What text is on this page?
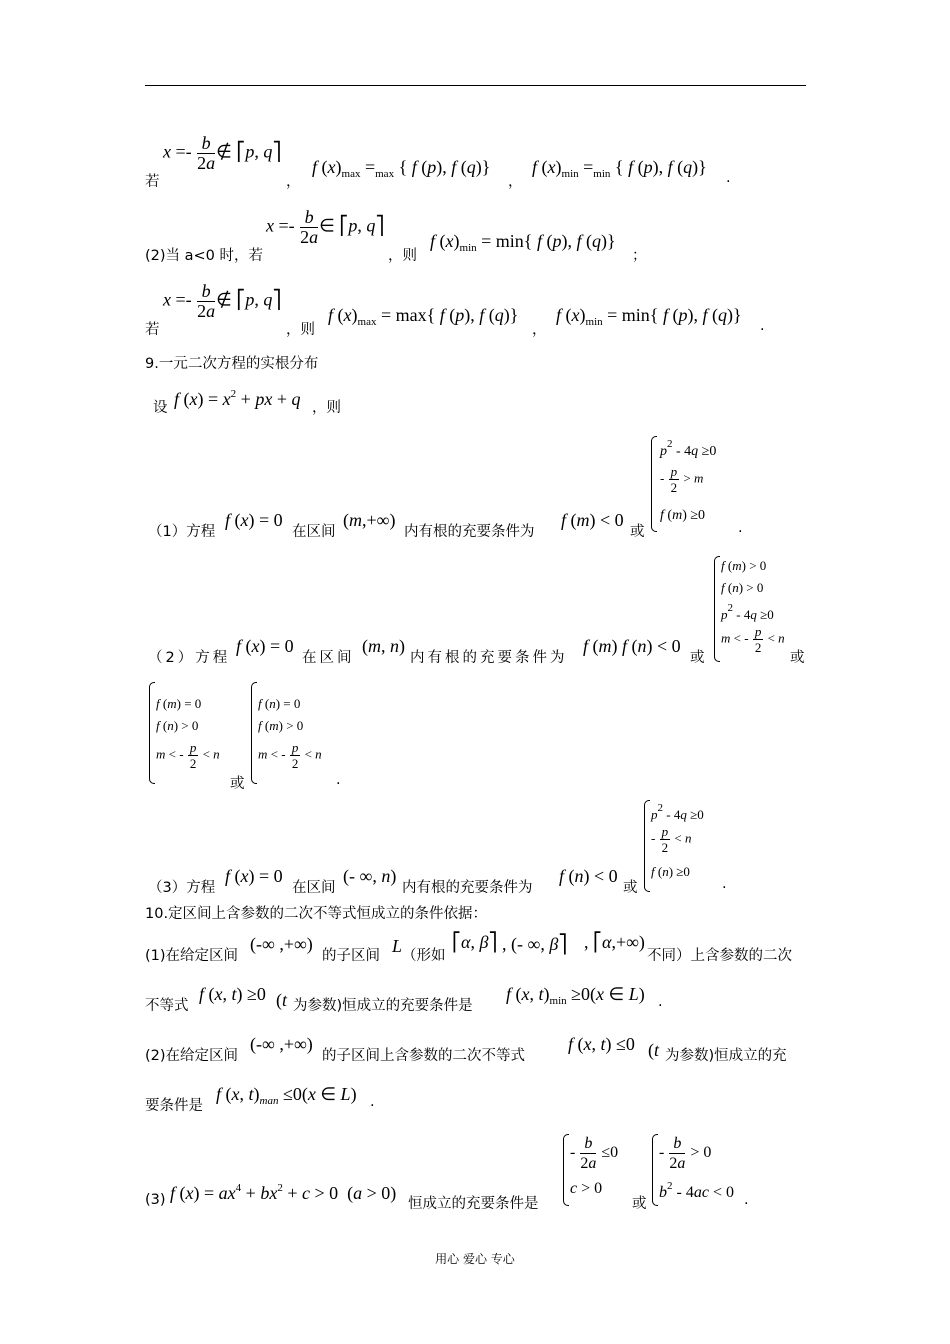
若
$x =- \frac{b}{2a}$ ∉ ⎡p, q⎤
，
f $(x)_{max} =_{max}$ { f (p), f (q)}
，
f $(x)_{min} =_{min}$ { f (p), f (q)}
.
(2)当 a<0 时，若
$x =- \frac{b}{2a}$ ∈ ⎡p, q⎤
，则
f $(x)_{min} = \min${ f (p), f (q)}
；
若
$x =- \frac{b}{2a}$ ∉ ⎡p, q⎤
，则
f $(x)_{max} = \max${ f (p), f (q)}
，
f $(x)_{min} = \min${ f (p), f (q)}
.
9.一元二次方程的实根分布
设 f $(x) = x^2$ + px + q ，则
（1）方程
f (x) = 0
在区间
(m,+∞)
内有根的充要条件为
f (m) < 0
或
$p^2 - 4q \ge 0$
- $\frac{p}{2} > m$
f (m) ≥0
.
（2）方程
f (x) = 0
在区间
(m, n)
内有根的充要条件为
f (m) f (n) < 0
或
f (m) > 0
f (n) > 0
$p^2 - 4q \ge 0$
m < - $\frac{p}{2} < n$
或
f (m) = 0
f (n) > 0
m < - $\frac{p}{2} < n$
或
f (n) = 0
f (m) > 0
m < - $\frac{p}{2} < n$
.
（3）方程
f (x) = 0
在区间
(- ∞, n)
内有根的充要条件为
f (n) < 0
或
$p^2 - 4q \ge 0$
- $\frac{p}{2} < n$
f (n) ≥0
.
10.定区间上含参数的二次不等式恒成立的条件依据：
(1)在给定区间
(-∞ ,+∞)
的子区间 L （形如
⎡α, β⎤ , (- ∞, β⎤ , ⎡α,+∞)
不同）上含参数的二次
不等式
f (x, t) ≥0 (t 为参数)恒成立的充要条件是
f (x, $t)_{min} \ge 0(x$ ∈ L) .
(2)在给定区间
(-∞ ,+∞)
的子区间上含参数的二次不等式
f (x, t) ≤0 (t 为参数)恒成立的充
要条件是
f (x, $t)_{man} \le 0(x$ ∈ L) .
(3) f $(x) = ax^4 + bx^2 + c > 0$  (a > 0)
恒成立的充要条件是
- $\frac{b}{2a} \le 0$
c > 0
或
- $\frac{b}{2a} > 0$
$b^2 - 4ac < 0$ .
用心 爱心 专心
